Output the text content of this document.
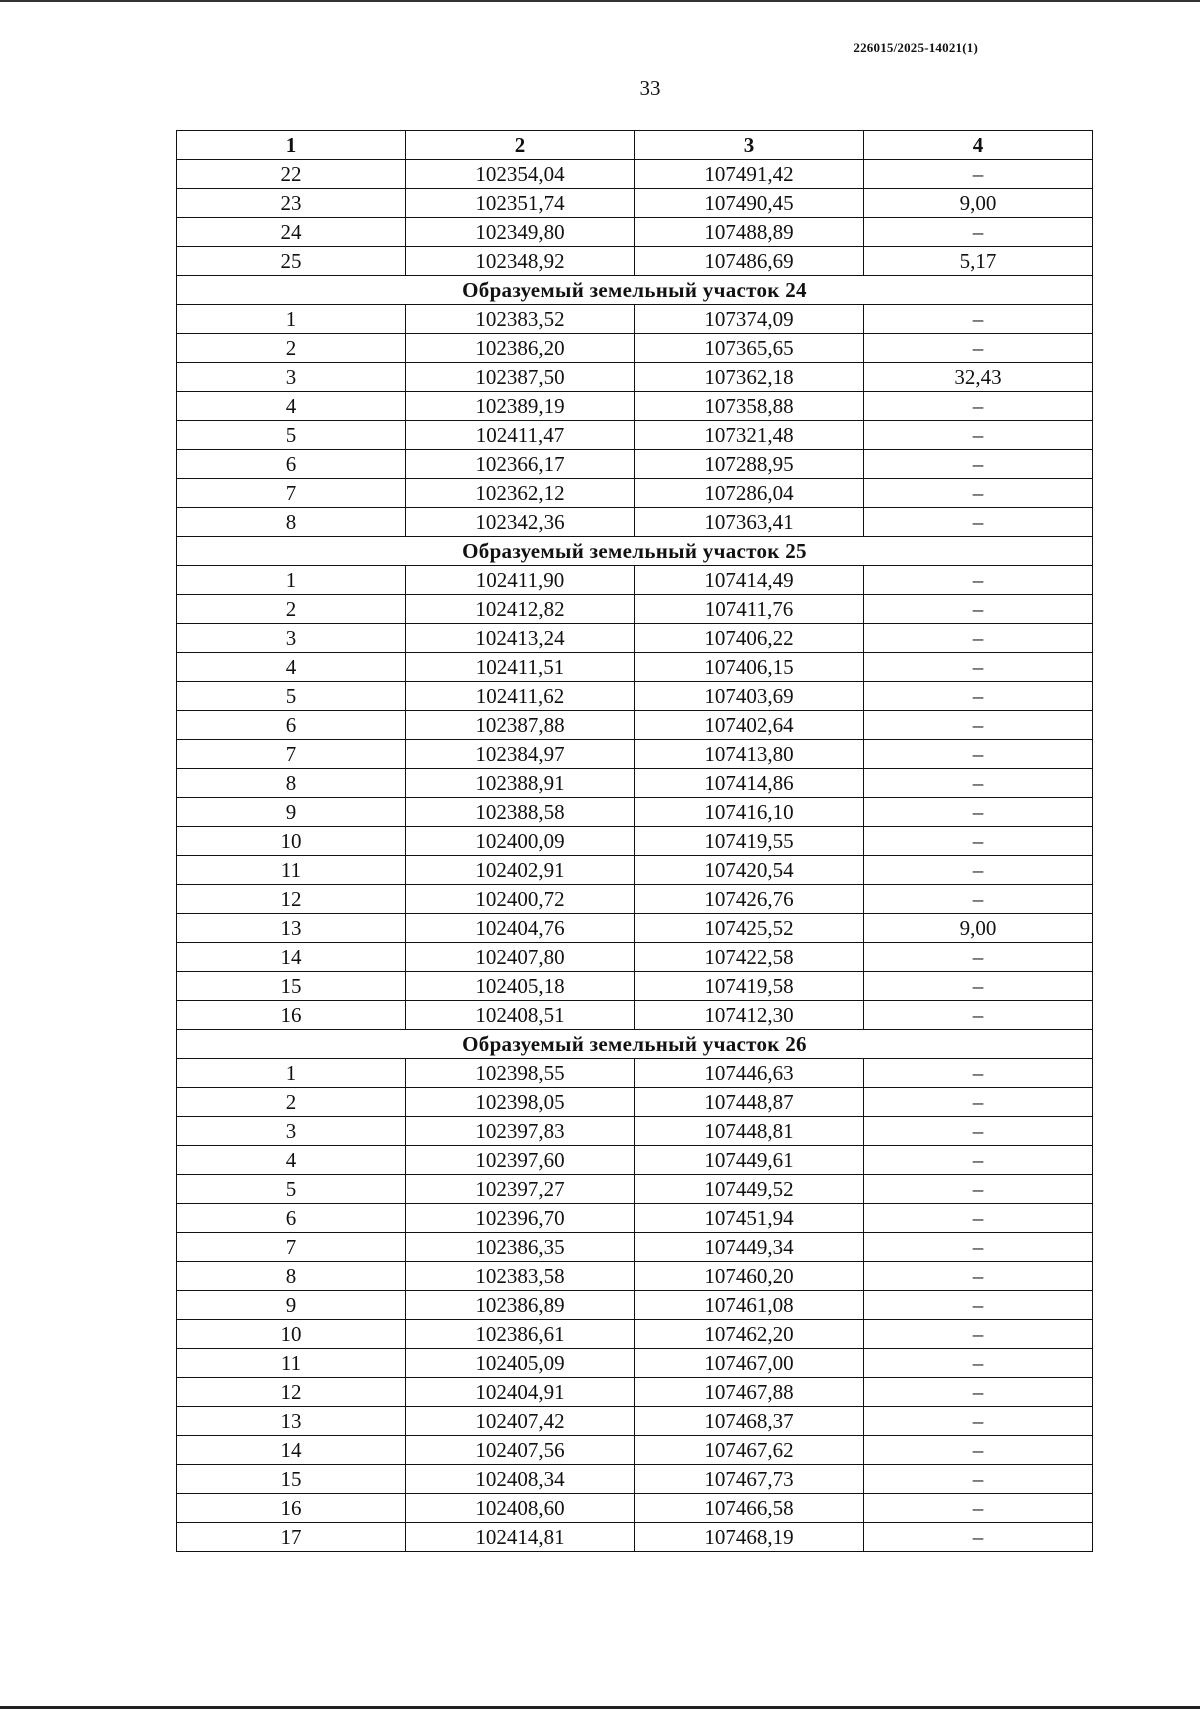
226015/2025-14021(1)
33
1	2	3	4
22	102354,04	107491,42	–
23	102351,74	107490,45	9,00
24	102349,80	107488,89	–
25	102348,92	107486,69	5,17
Образуемый земельный участок 24			
1	102383,52	107374,09	–
2	102386,20	107365,65	–
3	102387,50	107362,18	32,43
4	102389,19	107358,88	–
5	102411,47	107321,48	–
6	102366,17	107288,95	–
7	102362,12	107286,04	–
8	102342,36	107363,41	–
Образуемый земельный участок 25			
1	102411,90	107414,49	–
2	102412,82	107411,76	–
3	102413,24	107406,22	–
4	102411,51	107406,15	–
5	102411,62	107403,69	–
6	102387,88	107402,64	–
7	102384,97	107413,80	–
8	102388,91	107414,86	–
9	102388,58	107416,10	–
10	102400,09	107419,55	–
11	102402,91	107420,54	–
12	102400,72	107426,76	–
13	102404,76	107425,52	9,00
14	102407,80	107422,58	–
15	102405,18	107419,58	–
16	102408,51	107412,30	–
Образуемый земельный участок 26			
1	102398,55	107446,63	–
2	102398,05	107448,87	–
3	102397,83	107448,81	–
4	102397,60	107449,61	–
5	102397,27	107449,52	–
6	102396,70	107451,94	–
7	102386,35	107449,34	–
8	102383,58	107460,20	–
9	102386,89	107461,08	–
10	102386,61	107462,20	–
11	102405,09	107467,00	–
12	102404,91	107467,88	–
13	102407,42	107468,37	–
14	102407,56	107467,62	–
15	102408,34	107467,73	–
16	102408,60	107466,58	–
17	102414,81	107468,19	–
